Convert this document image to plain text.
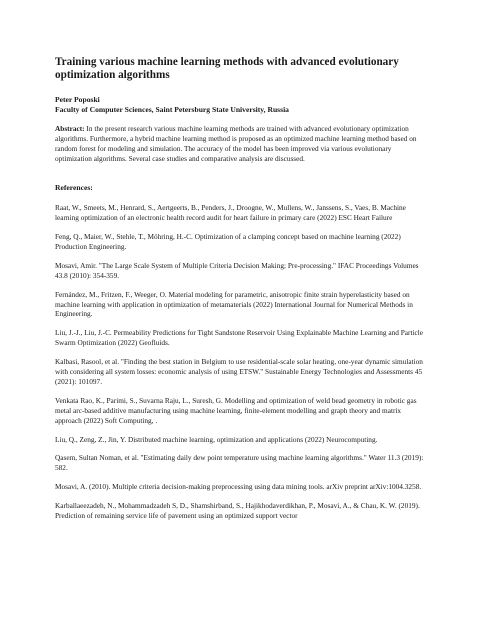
Training various machine learning methods with advanced evolutionary optimization algorithms
Peter Poposki
Faculty of Computer Sciences, Saint Petersburg State University, Russia
Abstract: In the present research various machine learning methods are trained with advanced evolutionary optimization algorithms. Furthermore, a hybrid machine learning method is proposed as an optimized machine learning method based on random forest for modeling and simulation. The accuracy of the model has been improved via various evolutionary optimization algorithms. Several case studies and comparative analysis are discussed.
References:
Raat, W., Smeets, M., Henrard, S., Aertgeerts, B., Penders, J., Droogne, W., Mullens, W., Janssens, S., Vaes, B. Machine learning optimization of an electronic health record audit for heart failure in primary care (2022) ESC Heart Failure
Feng, Q., Maier, W., Stehle, T., Möhring, H.-C. Optimization of a clamping concept based on machine learning (2022) Production Engineering.
Mosavi, Amir. "The Large Scale System of Multiple Criteria Decision Making; Pre-processing." IFAC Proceedings Volumes 43.8 (2010): 354-359.
Fernández, M., Fritzen, F., Weeger, O. Material modeling for parametric, anisotropic finite strain hyperelasticity based on machine learning with application in optimization of metamaterials (2022) International Journal for Numerical Methods in Engineering.
Liu, J.-J., Liu, J.-C. Permeability Predictions for Tight Sandstone Reservoir Using Explainable Machine Learning and Particle Swarm Optimization (2022) Geofluids.
Kalbasi, Rasool, et al. "Finding the best station in Belgium to use residential-scale solar heating, one-year dynamic simulation with considering all system losses: economic analysis of using ETSW." Sustainable Energy Technologies and Assessments 45 (2021): 101097.
Venkata Rao, K., Parimi, S., Suvarna Raju, L., Suresh, G. Modelling and optimization of weld bead geometry in robotic gas metal arc-based additive manufacturing using machine learning, finite-element modelling and graph theory and matrix approach (2022) Soft Computing, .
Liu, Q., Zeng, Z., Jin, Y. Distributed machine learning, optimization and applications (2022) Neurocomputing.
Qasem, Sultan Noman, et al. "Estimating daily dew point temperature using machine learning algorithms." Water 11.3 (2019): 582.
Mosavi, A. (2010). Multiple criteria decision-making preprocessing using data mining tools. arXiv preprint arXiv:1004.3258.
Karballaeezadeh, N., Mohammadzadeh S, D., Shamshirband, S., Hajikhodaverdikhan, P., Mosavi, A., & Chau, K. W. (2019). Prediction of remaining service life of pavement using an optimized support vector
